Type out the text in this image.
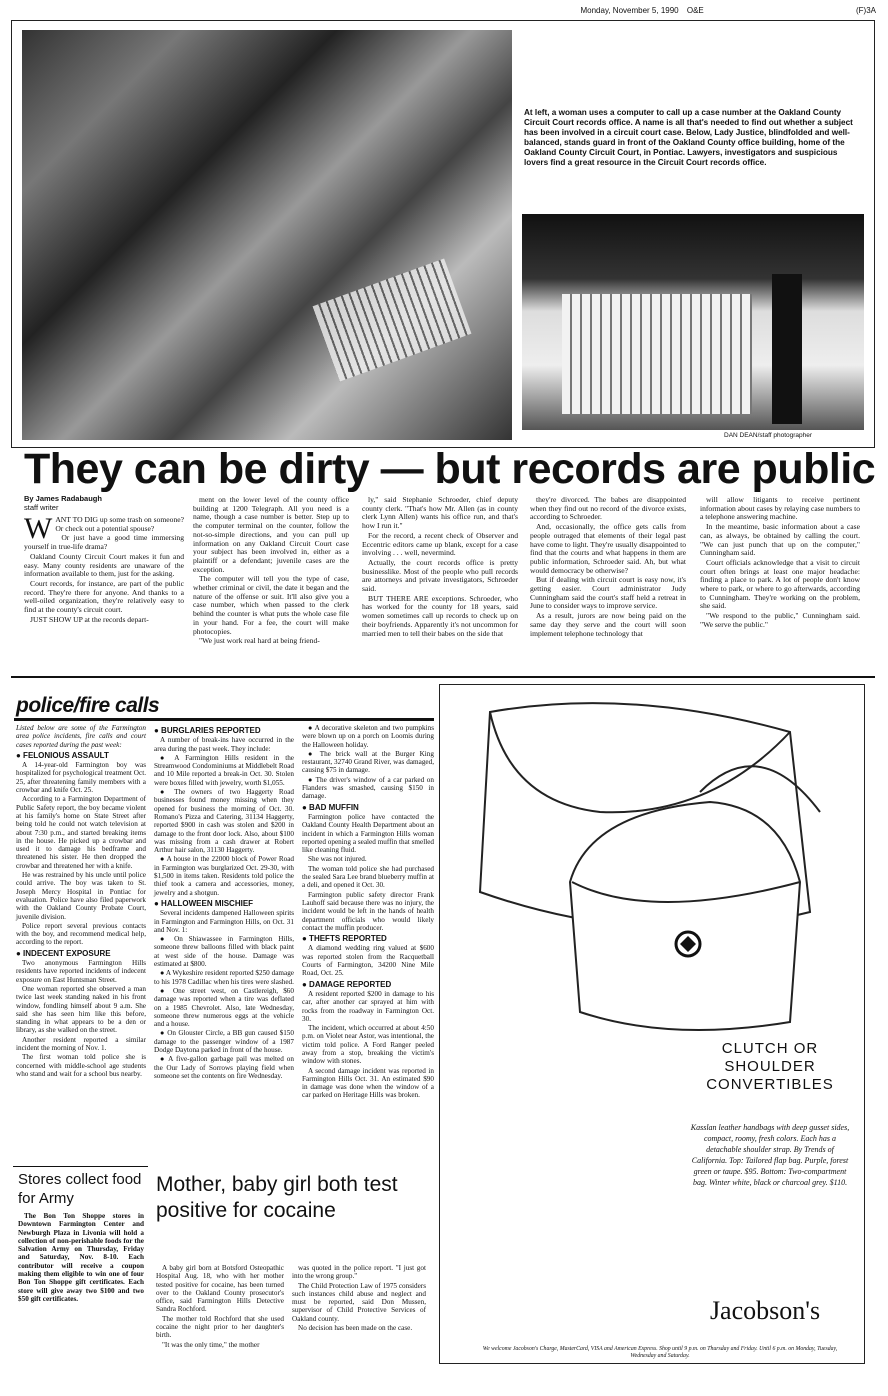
Monday, November 5, 1990 O&E	(F)3A
At left, a woman uses a computer to call up a case number at the Oakland County Circuit Court records office. A name is all that's needed to find out whether a subject has been involved in a circuit court case. Below, Lady Justice, blindfolded and well-balanced, stands guard in front of the Oakland County office building, home of the Oakland County Circuit Court, in Pontiac. Lawyers, investigators and suspicious lovers find a great resource in the Circuit Court records office.
DAN DEAN/staff photographer
They can be dirty — but records are public
By James Radabaugh
staff writer
W ANT TO DIG up some trash on someone? Or check out a potential spouse?

Or just have a good time immersing yourself in true-life drama?

Oakland County Circuit Court makes it fun and easy. Many county residents are unaware of the information available to them, just for the asking.

Court records, for instance, are part of the public record. They're there for anyone. And thanks to a well-oiled organization, they're relatively easy to find at the county's circuit court.

JUST SHOW UP at the records depart-

ment on the lower level of the county office building at 1200 Telegraph. All you need is a name, though a case number is better. Step up to the computer terminal on the counter, follow the not-so-simple directions, and you can pull up information on any Oakland Circuit Court case your subject has been involved in, either as a plaintiff or a defendant; juvenile cases are the exception.

The computer will tell you the type of case, whether criminal or civil, the date it began and the nature of the offense or suit. It'll also give you a case number, which when passed to the clerk behind the counter is what puts the whole case file in your hand. For a fee, the court will make photocopies.

"We just work real hard at being friend-

ly," said Stephanie Schroeder, chief deputy county clerk. "That's how Mr. Allen (as in county clerk Lynn Allen) wants his office run, and that's how I run it."

For the record, a recent check of Observer and Eccentric editors came up blank, except for a case involving . . . well, nevermind.

Actually, the court records office is pretty businesslike. Most of the people who pull records are attorneys and private investigators, Schroeder said.

BUT THERE ARE exceptions. Schroeder, who has worked for the county for 18 years, said women sometimes call up records to check up on their boyfriends. Apparently it's not uncommon for married men to tell their babes on the side that

they're divorced. The babes are disappointed when they find out no record of the divorce exists, according to Schroeder.

And, occasionally, the office gets calls from people outraged that elements of their legal past have come to light. They're usually disappointed to find that the courts and what happens in them are public information, Schroeder said. Ah, but what would democracy be otherwise?

But if dealing with circuit court is easy now, it's getting easier. Court administrator Judy Cunningham said the court's staff held a retreat in June to consider ways to improve service.

As a result, jurors are now being paid on the same day they serve and the court will soon implement telephone technology that

will allow litigants to receive pertinent information about cases by relaying case numbers to a telephone answering machine.

In the meantime, basic information about a case can, as always, be obtained by calling the court. "We can just punch that up on the computer," Cunningham said.

Court officials acknowledge that a visit to circuit court often brings at least one major headache: finding a place to park. A lot of people don't know where to park, or where to go afterwards, according to Cunningham. They're working on the problem, she said.

"We respond to the public," Cunningham said. "We serve the public."

police/fire calls

Listed below are some of the Farmington area police incidents, fire calls and court cases reported during the past week:

● FELONIOUS ASSAULT

A 14-year-old Farmington boy was hospitalized for psychological treatment Oct. 25, after threatening family members with a crowbar and knife Oct. 25.

According to a Farmington Department of Public Safety report, the boy became violent at his family's home on State Street after being told he could not watch television at about 7:30 p.m., and started breaking items in the house. He picked up a crowbar and used it to damage his bedframe and threatened his sister. He then dropped the crowbar and threatened her with a knife.

He was restrained by his uncle until police could arrive. The boy was taken to St. Joseph Mercy Hospital in Pontiac for evaluation. Police have also filed paperwork with the Oakland County Probate Court, juvenile division.

Police report several previous contacts with the boy, and recommend medical help, according to the report.

● INDECENT EXPOSURE

Two anonymous Farmington Hills residents have reported incidents of indecent exposure on East Huntsman Street.

One woman reported she observed a man twice last week standing naked in his front window, fondling himself about 9 a.m. She said she has seen him like this before, standing in what appears to be a den or library, as she walked on the street.

Another resident reported a similar incident the morning of Nov. 1.

The first woman told police she is concerned with middle-school age students who stand and wait for a school bus nearby.

● BURGLARIES REPORTED

A number of break-ins have occurred in the area during the past week. They include:

● A Farmington Hills resident in the Streamwood Condominiums at Middlebelt Road and 10 Mile reported a break-in Oct. 30. Stolen were boxes filled with jewelry, worth $1,055.

● The owners of two Haggerty Road businesses found money missing when they opened for business the morning of Oct. 30. Romano's Pizza and Catering, 31134 Haggerty, reported $900 in cash was stolen and $200 in damage to the front door lock. Also, about $100 was missing from a cash drawer at Robert Arthur hair salon, 31130 Haggerty.

● A house in the 22000 block of Power Road in Farmington was burglarized Oct. 29-30, with $1,500 in items taken. Residents told police the thief took a camera and accessories, money, jewelry and a shotgun.

● HALLOWEEN MISCHIEF

Several incidents dampened Halloween spirits in Farmington and Farmington Hills, on Oct. 31 and Nov. 1:

● On Shiawassee in Farmington Hills, someone threw balloons filled with black paint at west side of the house. Damage was estimated at $800.

● A Wykeshire resident reported $250 damage to his 1978 Cadillac when his tires were slashed.

● One street west, on Castlereigh, $60 damage was reported when a tire was deflated on a 1985 Chevrolet. Also, late Wednesday, someone threw numerous eggs at the vehicle and a house.

● On Glouster Circle, a BB gun caused $150 damage to the passenger window of a 1987 Dodge Daytona parked in front of the house.

● A five-gallon garbage pail was melted on the Our Lady of Sorrows playing field when someone set the contents on fire Wednesday.

● A decorative skeleton and two pumpkins were blown up on a porch on Loomis during the Halloween holiday.

● The brick wall at the Burger King restaurant, 32740 Grand River, was damaged, causing $75 in damage.

● The driver's window of a car parked on Flanders was smashed, causing $150 in damage.

● BAD MUFFIN

Farmington police have contacted the Oakland County Health Department about an incident in which a Farmington Hills woman reported opening a sealed muffin that smelled like cleaning fluid.

She was not injured.

The woman told police she had purchased the sealed Sara Lee brand blueberry muffin at a deli, and opened it Oct. 30.

Farmington public safety director Frank Lauhoff said because there was no injury, the incident would be left in the hands of health department officials who would likely contact the muffin producer.

● THEFTS REPORTED

A diamond wedding ring valued at $600 was reported stolen from the Racquetball Courts of Farmington, 34200 Nine Mile Road, Oct. 25.

● DAMAGE REPORTED

A resident reported $200 in damage to his car, after another car sprayed at him with rocks from the roadway in Farmington Oct. 30.

The incident, which occurred at about 4:50 p.m. on Violet near Astor, was intentional, the victim told police. A Ford Ranger peeled away from a stop, breaking the victim's window with stones.

A second damage incident was reported in Farmington Hills Oct. 31. An estimated $90 in damage was done when the window of a car parked on Heritage Hills was broken.

Stores collect food for Army

The Bon Ton Shoppe stores in Downtown Farmington Center and Newburgh Plaza in Livonia will hold a collection of non-perishable foods for the Salvation Army on Thursday, Friday and Saturday, Nov. 8-10. Each contributor will receive a coupon making them eligible to win one of four Bon Ton Shoppe gift certificates. Each store will give away two $100 and two $50 gift certificates.

Mother, baby girl both test positive for cocaine

A baby girl born at Botsford Osteopathic Hospital Aug. 18, who with her mother tested positive for cocaine, has been turned over to the Oakland County prosecutor's office, said Farmington Hills Detective Sandra Rochford.

The mother told Rochford that she used cocaine the night prior to her daughter's birth.

"It was the only time," the mother

was quoted in the police report. "I just got into the wrong group."

The Child Protection Law of 1975 considers such instances child abuse and neglect and must be reported, said Don Mussen, supervisor of Child Protective Services of Oakland county.

No decision has been made on the case.

CLUTCH OR
SHOULDER
CONVERTIBLES
Kasslan leather handbags with deep gusset sides, compact, roomy, fresh colors. Each has a detachable shoulder strap. By Trends of California. Top: Tailored flap bag. Purple, forest green or taupe. $95. Bottom: Two-compartment bag. Winter white, black or charcoal grey. $110.
Jacobson's
We welcome Jacobson's Charge, MasterCard, VISA and American Express. Shop until 9 p.m. on Thursday and Friday. Until 6 p.m. on Monday, Tuesday, Wednesday and Saturday.
